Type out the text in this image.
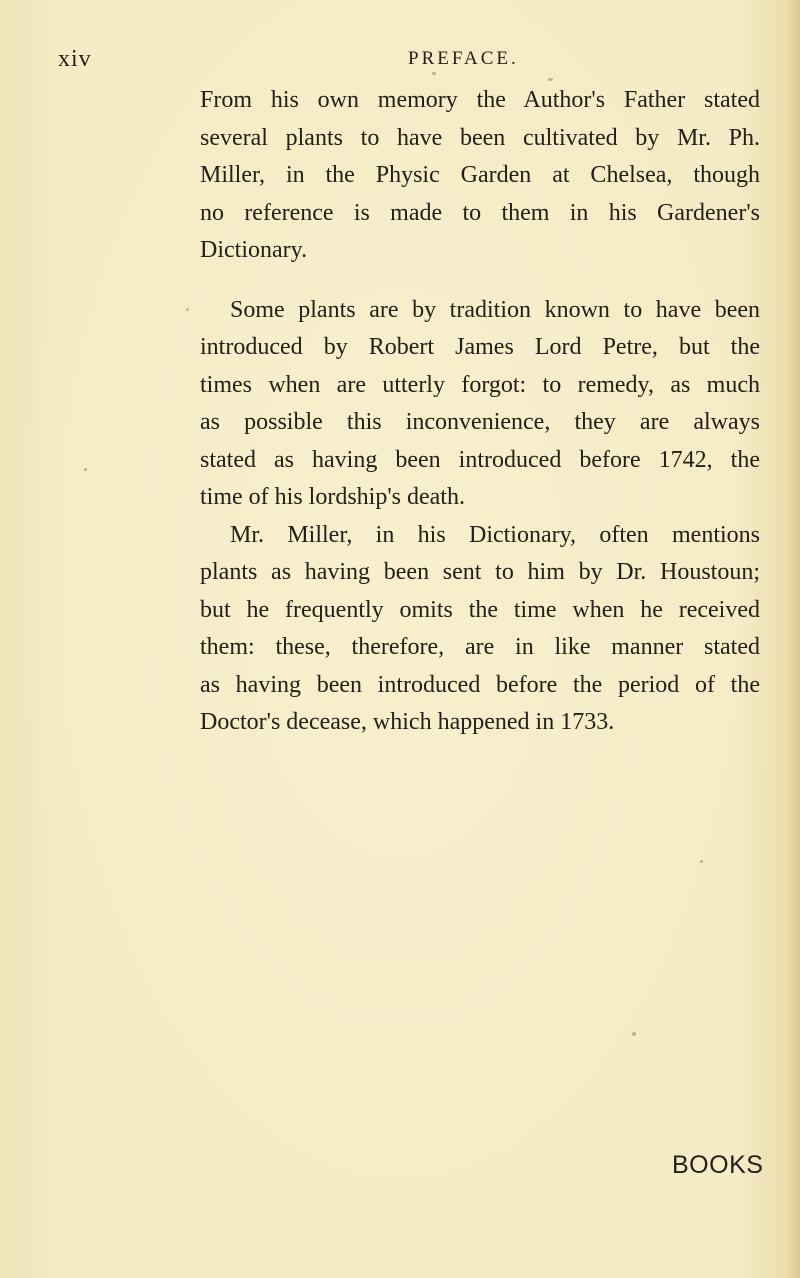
xiv	PREFACE.
From his own memory the Author's Father stated
several plants to have been cultivated by Mr. Ph.
Miller, in the Physic Garden at Chelsea, though
no reference is made to them in his Gardener's
Dictionary.
Some plants are by tradition known to have been
introduced by Robert James Lord Petre, but the
times when are utterly forgot: to remedy, as much
as possible this inconvenience, they are always
stated as having been introduced before 1742, the
time of his lordship's death.
Mr. Miller, in his Dictionary, often mentions
plants as having been sent to him by Dr. Houstoun;
but he frequently omits the time when he received
them: these, therefore, are in like manner stated
as having been introduced before the period of the
Doctor's decease, which happened in 1733.
BOOKS
